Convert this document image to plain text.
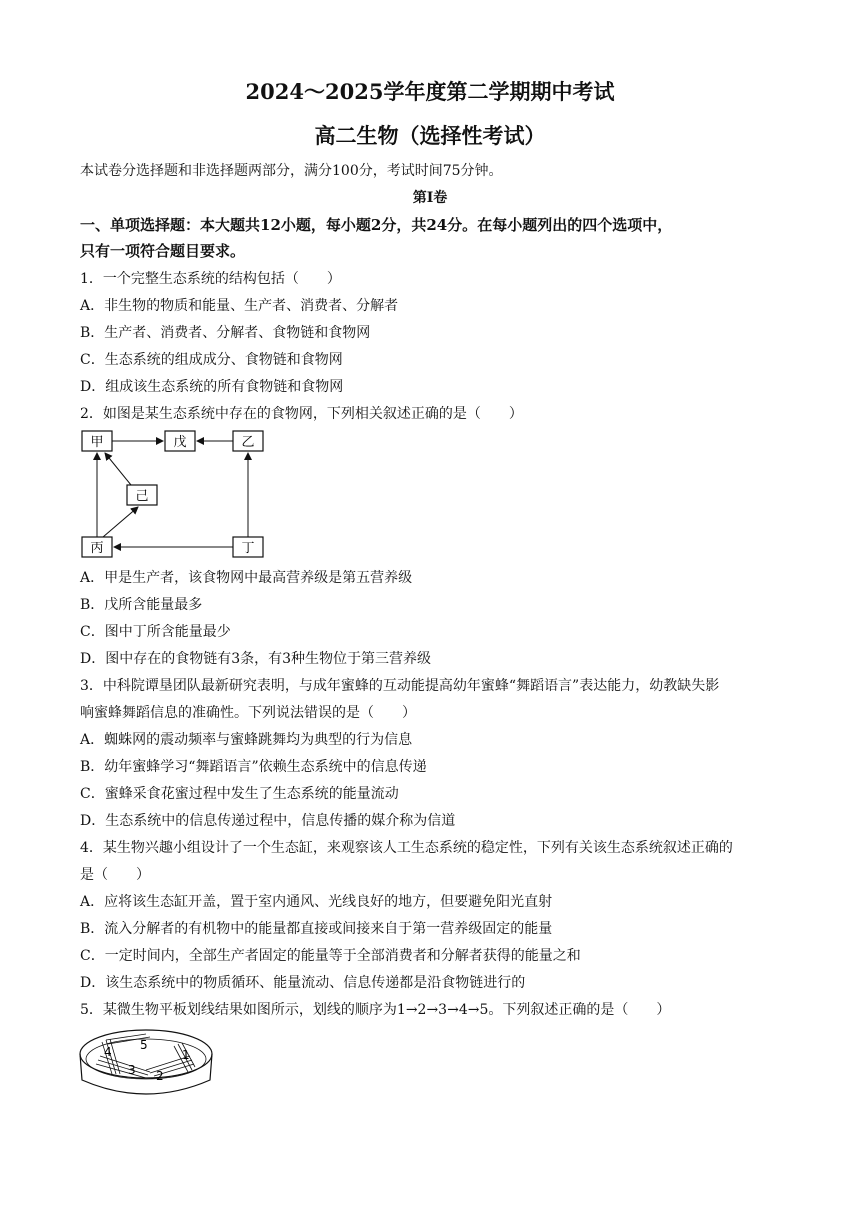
2024～2025学年度第二学期期中考试
高二生物（选择性考试）
本试卷分选择题和非选择题两部分，满分100分，考试时间75分钟。
第Ⅰ卷
一、单项选择题：本大题共12小题，每小题2分，共24分。在每小题列出的四个选项中，
只有一项符合题目要求。
1．一个完整生态系统的结构包括（　　）
A．非生物的物质和能量、生产者、消费者、分解者
B．生产者、消费者、分解者、食物链和食物网
C．生态系统的组成成分、食物链和食物网
D．组成该生态系统的所有食物链和食物网
2．如图是某生态系统中存在的食物网，下列相关叙述正确的是（　　）
甲	戊	乙
己
丙	丁
A．甲是生产者，该食物网中最高营养级是第五营养级
B．戊所含能量最多
C．图中丁所含能量最少
D．图中存在的食物链有3条，有3种生物位于第三营养级
3．中科院谭垦团队最新研究表明，与成年蜜蜂的互动能提高幼年蜜蜂“舞蹈语言”表达能力，幼教缺失影
响蜜蜂舞蹈信息的准确性。下列说法错误的是（　　）
A．蜘蛛网的震动频率与蜜蜂跳舞均为典型的行为信息
B．幼年蜜蜂学习“舞蹈语言”依赖生态系统中的信息传递
C．蜜蜂采食花蜜过程中发生了生态系统的能量流动
D．生态系统中的信息传递过程中，信息传播的媒介称为信道
4．某生物兴趣小组设计了一个生态缸，来观察该人工生态系统的稳定性，下列有关该生态系统叙述正确的
是（　　）
A．应将该生态缸开盖，置于室内通风、光线良好的地方，但要避免阳光直射
B．流入分解者的有机物中的能量都直接或间接来自于第一营养级固定的能量
C．一定时间内，全部生产者固定的能量等于全部消费者和分解者获得的能量之和
D．该生态系统中的物质循环、能量流动、信息传递都是沿食物链进行的
5．某微生物平板划线结果如图所示，划线的顺序为1→2→3→4→5。下列叙述正确的是（　　）
1
2
3
4 5
